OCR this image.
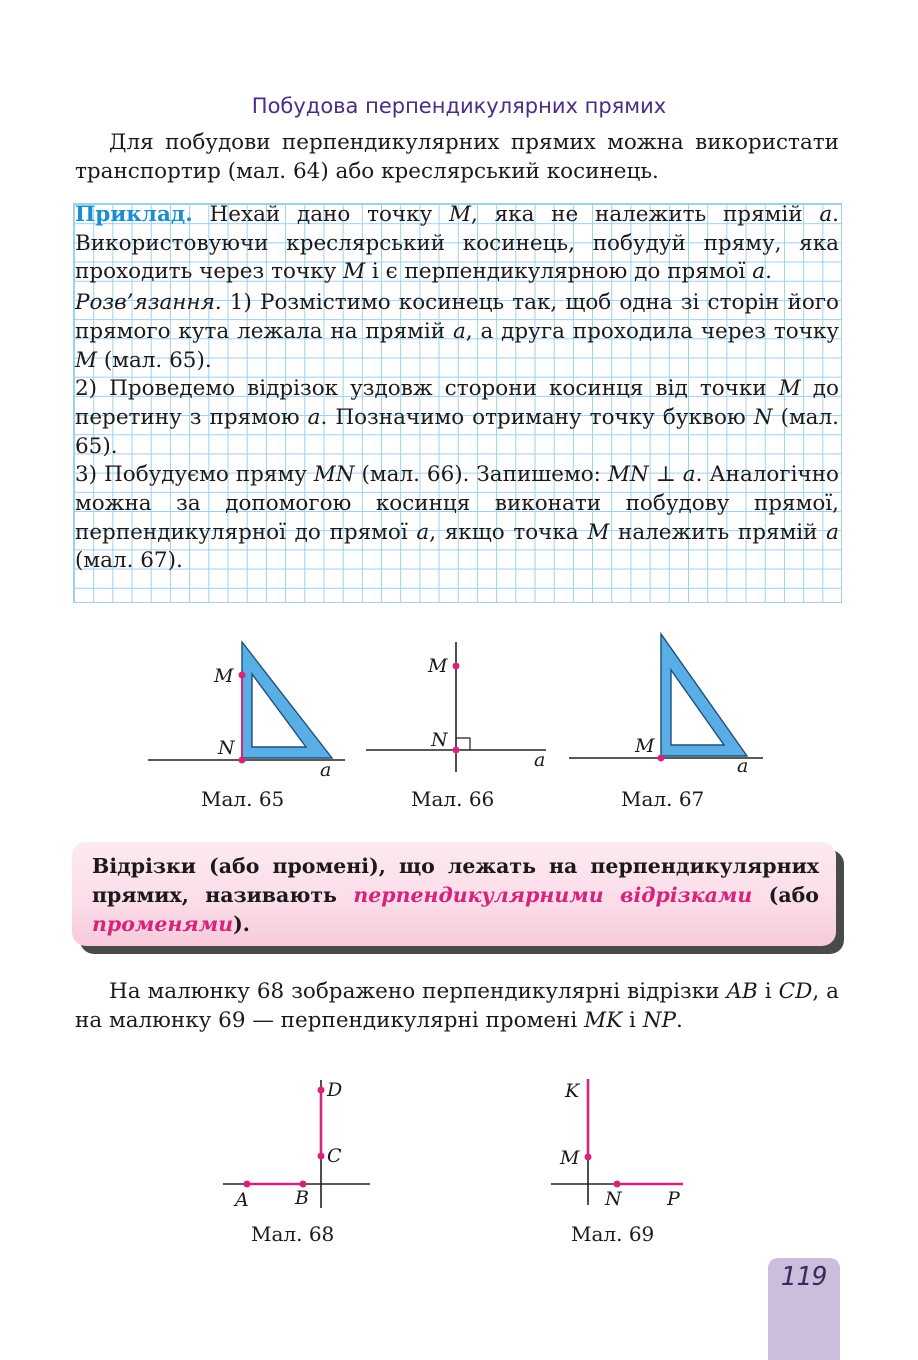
Побудова перпендикулярних прямих
Для побудови перпендикулярних прямих можна використати транспортир (мал. 64) або креслярський косинець.

Приклад. Нехай дано точку M, яка не належить прямій a. Використовуючи креслярський косинець, побудуй пряму, яка проходить через точку M і є перпендикулярною до прямої a.

Розв’язання. 1) Розмістимо косинець так, щоб одна зі сторін його прямого кута лежала на прямій a, а друга проходила через точку M (мал. 65).

2) Проведемо відрізок уздовж сторони косинця від точки M до перетину з прямою a. Позначимо отриману точку буквою N (мал. 65).

3) Побудуємо пряму MN (мал. 66). Запишемо: MN ⊥ a. Аналогічно можна за допомогою косинця виконати побудову прямої, перпендикулярної до прямої a, якщо точка M належить прямій a (мал. 67).

M
N
a
Мал. 65
M
N
a
Мал. 66
M
a
Мал. 67
Відрізки (або промені), що лежать на перпендикулярних прямих, називають перпендикулярними відрізками (або променями).
На малюнку 68 зображено перпендикулярні відрізки AB і CD, а на малюнку 69 — перпендикулярні промені MK і NP.
A B
C
D
Мал. 68
K
M
N P
Мал. 69
119
